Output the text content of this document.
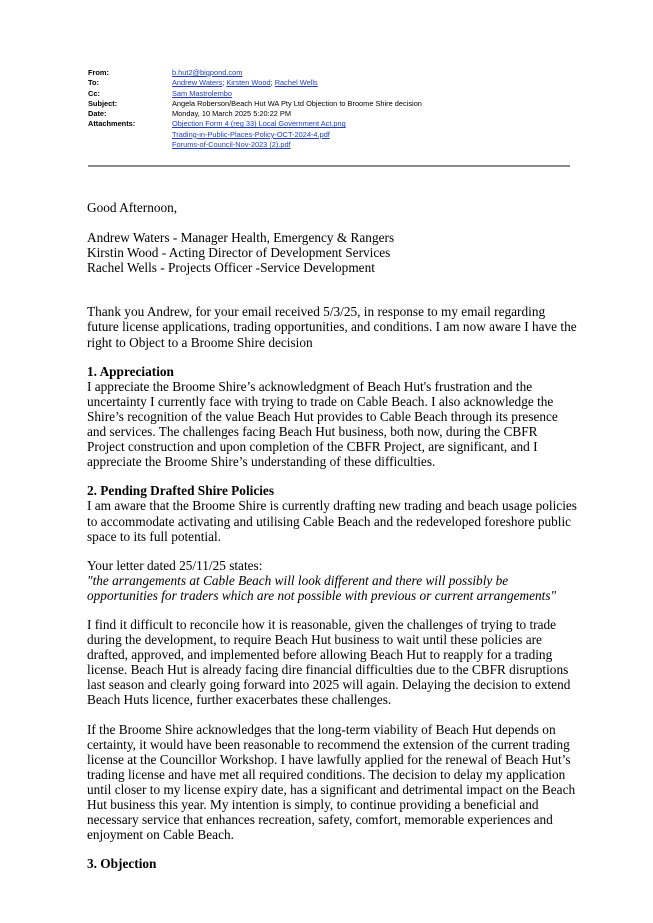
From:	b.hut2@bigpond.com
To:	Andrew Waters; Kirsten Wood; Rachel Wells
Cc:	Sam Mastrolembo
Subject:	Angela Roberson/Beach Hut WA Pty Ltd Objection to Broome Shire decision
Date:	Monday, 10 March 2025 5:20:22 PM
Attachments:	Objection Form 4 (reg 33) Local Government Act.png
Trading-in-Public-Places-Policy-OCT-2024-4.pdf
Forums-of-Council-Nov-2023 (2).pdf

Good Afternoon,

Andrew Waters - Manager Health, Emergency & Rangers

Kirstin Wood - Acting Director of Development Services

Rachel Wells - Projects Officer -Service Development

Thank you Andrew, for your email received 5/3/25, in response to my email regarding future license applications, trading opportunities, and conditions. I am now aware I have the right to Object to a Broome Shire decision

1. Appreciation

I appreciate the Broome Shire’s acknowledgment of Beach Hut's frustration and the uncertainty I currently face with trying to trade on Cable Beach. I also acknowledge the Shire’s recognition of the value Beach Hut provides to Cable Beach through its presence and services. The challenges facing Beach Hut business, both now, during the CBFR Project construction and upon completion of the CBFR Project, are significant, and I appreciate the Broome Shire’s understanding of these difficulties.

2. Pending Drafted Shire Policies

I am aware that the Broome Shire is currently drafting new trading and beach usage policies to accommodate activating and utilising Cable Beach and the redeveloped foreshore public space to its full potential.

Your letter dated 25/11/25 states:

"the arrangements at Cable Beach will look different and there will possibly be opportunities for traders which are not possible with previous or current arrangements"

I find it difficult to reconcile how it is reasonable, given the challenges of trying to trade during the development, to require Beach Hut business to wait until these policies are drafted, approved, and implemented before allowing Beach Hut to reapply for a trading license. Beach Hut is already facing dire financial difficulties due to the CBFR disruptions last season and clearly going forward into 2025 will again. Delaying the decision to extend Beach Huts licence, further exacerbates these challenges.

If the Broome Shire acknowledges that the long-term viability of Beach Hut depends on certainty, it would have been reasonable to recommend the extension of the current trading license at the Councillor Workshop. I have lawfully applied for the renewal of Beach Hut’s trading license and have met all required conditions. The decision to delay my application until closer to my license expiry date, has a significant and detrimental impact on the Beach Hut business this year. My intention is simply, to continue providing a beneficial and necessary service that enhances recreation, safety, comfort, memorable experiences and enjoyment on Cable Beach.

3. Objection
